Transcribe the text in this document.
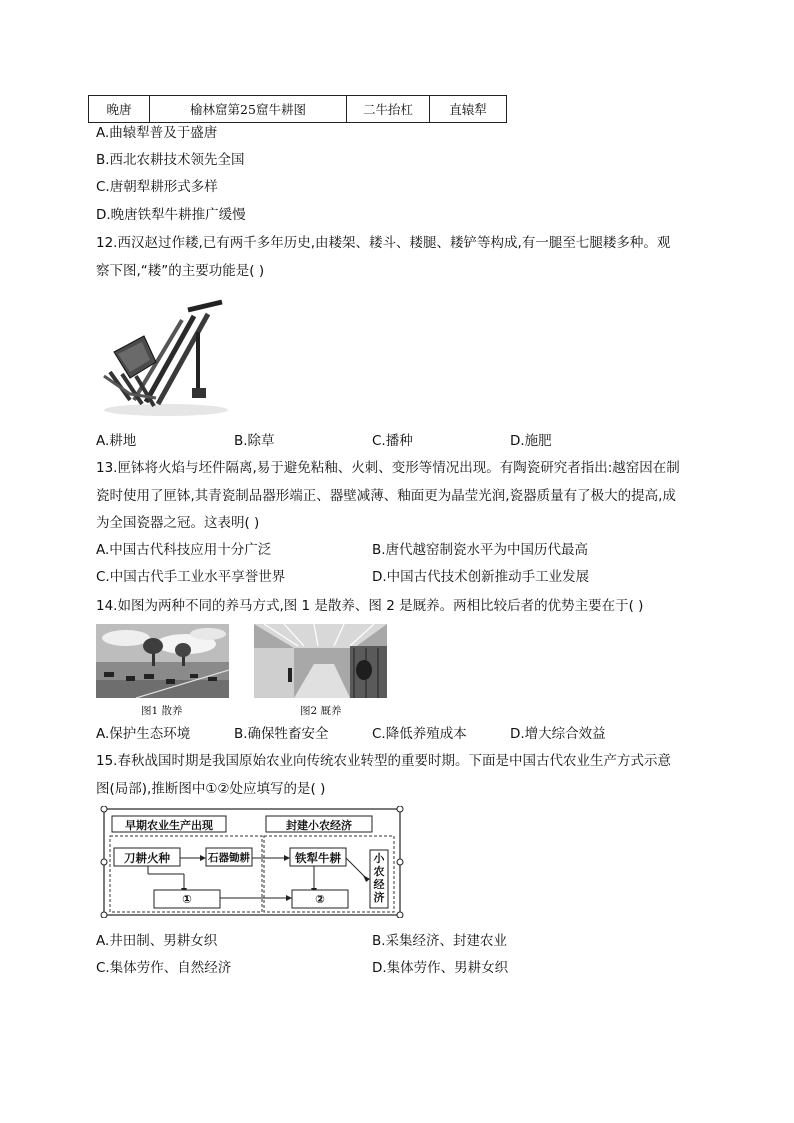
晚唐	榆林窟第25窟牛耕图	二牛抬杠	直辕犁
A.曲辕犁普及于盛唐
B.西北农耕技术领先全国
C.唐朝犁耕形式多样
D.晚唐铁犁牛耕推广缓慢
12.西汉赵过作耧,已有两千多年历史,由耧架、耧斗、耧腿、耧铲等构成,有一腿至七腿耧多种。观
察下图,“耧”的主要功能是( )
A.耕地	B.除草	C.播种	D.施肥
13.匣钵将火焰与坯件隔离,易于避免粘釉、火刺、变形等情况出现。有陶瓷研究者指出:越窑因在制
瓷时使用了匣钵,其青瓷制品器形端正、器壁减薄、釉面更为晶莹光润,瓷器质量有了极大的提高,成
为全国瓷器之冠。这表明( )
A.中国古代科技应用十分广泛	B.唐代越窑制瓷水平为中国历代最高
C.中国古代手工业水平享誉世界	D.中国古代技术创新推动手工业发展
14.如图为两种不同的养马方式,图 1 是散养、图 2 是厩养。两相比较后者的优势主要在于( )
图1 散养	图2 厩养
A.保护生态环境	B.确保牲畜安全	C.降低养殖成本	D.增大综合效益
15.春秋战国时期是我国原始农业向传统农业转型的重要时期。下面是中国古代农业生产方式示意
图(局部),推断图中①②处应填写的是( )
早期农业生产出现	封建小农经济
刀耕火种	石器锄耕	铁犁牛耕
①	②
小
农
经
济
A.井田制、男耕女织	B.采集经济、封建农业
C.集体劳作、自然经济	D.集体劳作、男耕女织
